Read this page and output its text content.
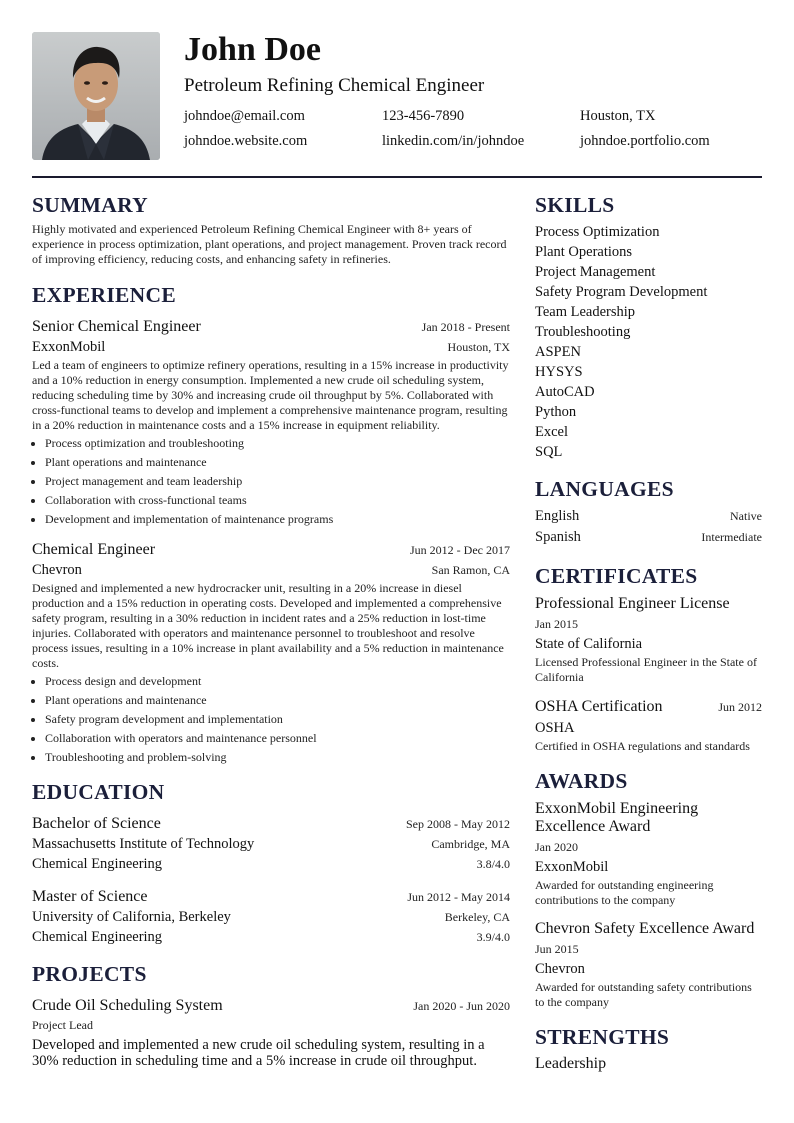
John Doe
Petroleum Refining Chemical Engineer
johndoe@email.com	123-456-7890	Houston, TX
johndoe.website.com	linkedin.com/in/johndoe	johndoe.portfolio.com
SUMMARY
Highly motivated and experienced Petroleum Refining Chemical Engineer with 8+ years of experience in process optimization, plant operations, and project management. Proven track record of improving efficiency, reducing costs, and enhancing safety in refineries.
EXPERIENCE
Senior Chemical Engineer	Jan 2018 - Present
ExxonMobil	Houston, TX
Led a team of engineers to optimize refinery operations, resulting in a 15% increase in productivity and a 10% reduction in energy consumption. Implemented a new crude oil scheduling system, reducing scheduling time by 30% and increasing crude oil throughput by 5%. Collaborated with cross-functional teams to develop and implement a comprehensive maintenance program, resulting in a 20% reduction in maintenance costs and a 15% increase in equipment reliability.
• Process optimization and troubleshooting
• Plant operations and maintenance
• Project management and team leadership
• Collaboration with cross-functional teams
• Development and implementation of maintenance programs
Chemical Engineer	Jun 2012 - Dec 2017
Chevron	San Ramon, CA
Designed and implemented a new hydrocracker unit, resulting in a 20% increase in diesel production and a 15% reduction in operating costs. Developed and implemented a comprehensive safety program, resulting in a 30% reduction in incident rates and a 25% reduction in lost-time injuries. Collaborated with operators and maintenance personnel to troubleshoot and resolve process issues, resulting in a 10% increase in plant availability and a 5% reduction in maintenance costs.
• Process design and development
• Plant operations and maintenance
• Safety program development and implementation
• Collaboration with operators and maintenance personnel
• Troubleshooting and problem-solving
EDUCATION
Bachelor of Science	Sep 2008 - May 2012
Massachusetts Institute of Technology	Cambridge, MA
Chemical Engineering	3.8/4.0
Master of Science	Jun 2012 - May 2014
University of California, Berkeley	Berkeley, CA
Chemical Engineering	3.9/4.0
PROJECTS
Crude Oil Scheduling System	Jan 2020 - Jun 2020
Project Lead
Developed and implemented a new crude oil scheduling system, resulting in a 30% reduction in scheduling time and a 5% increase in crude oil throughput.
SKILLS
Process Optimization
Plant Operations
Project Management
Safety Program Development
Team Leadership
Troubleshooting
ASPEN
HYSYS
AutoCAD
Python
Excel
SQL
LANGUAGES
English	Native
Spanish	Intermediate
CERTIFICATES
Professional Engineer License
Jan 2015
State of California
Licensed Professional Engineer in the State of California
OSHA Certification	Jun 2012
OSHA
Certified in OSHA regulations and standards
AWARDS
ExxonMobil Engineering Excellence Award
Jan 2020
ExxonMobil
Awarded for outstanding engineering contributions to the company
Chevron Safety Excellence Award
Jun 2015
Chevron
Awarded for outstanding safety contributions to the company
STRENGTHS
Leadership
